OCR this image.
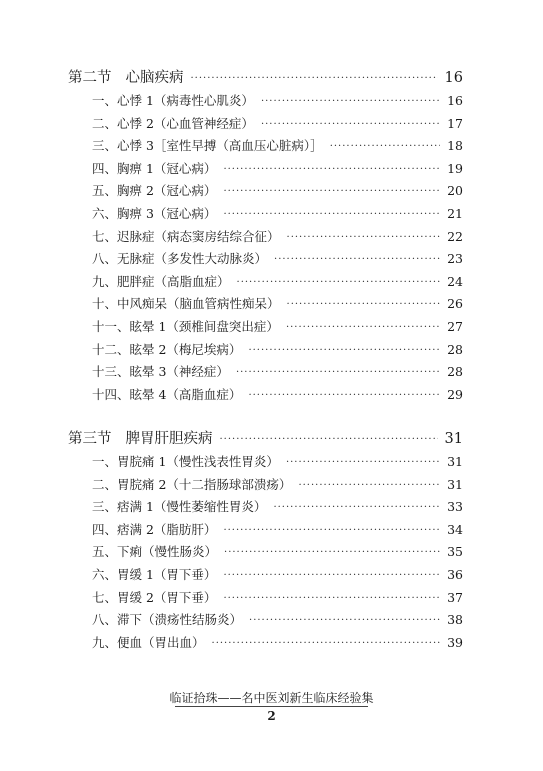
第二节 心脑疾病 ·····	16
一、心悸 1（病毒性心肌炎） ·····	16
二、心悸 2（心血管神经症） ·····	17
三、心悸 3［室性早搏（高血压心脏病）］ ·····	18
四、胸痹 1（冠心病） ·····	19
五、胸痹 2（冠心病） ·····	20
六、胸痹 3（冠心病） ·····	21
七、迟脉症（病态窦房结综合征） ·····	22
八、无脉症（多发性大动脉炎） ·····	23
九、肥胖症（高脂血症） ·····	24
十、中风痴呆（脑血管病性痴呆） ·····	26
十一、眩晕 1（颈椎间盘突出症） ·····	27
十二、眩晕 2（梅尼埃病） ·····	28
十三、眩晕 3（神经症） ·····	28
十四、眩晕 4（高脂血症） ·····	29
第三节 脾胃肝胆疾病 ·····	31
一、胃脘痛 1（慢性浅表性胃炎） ·····	31
二、胃脘痛 2（十二指肠球部溃疡） ·····	31
三、痞满 1（慢性萎缩性胃炎） ·····	33
四、痞满 2（脂肪肝） ·····	34
五、下痢（慢性肠炎） ·····	35
六、胃缓 1（胃下垂） ·····	36
七、胃缓 2（胃下垂） ·····	37
八、滞下（溃疡性结肠炎） ·····	38
九、便血（胃出血） ·····	39
临证拾珠——名中医刘新生临床经验集
2
